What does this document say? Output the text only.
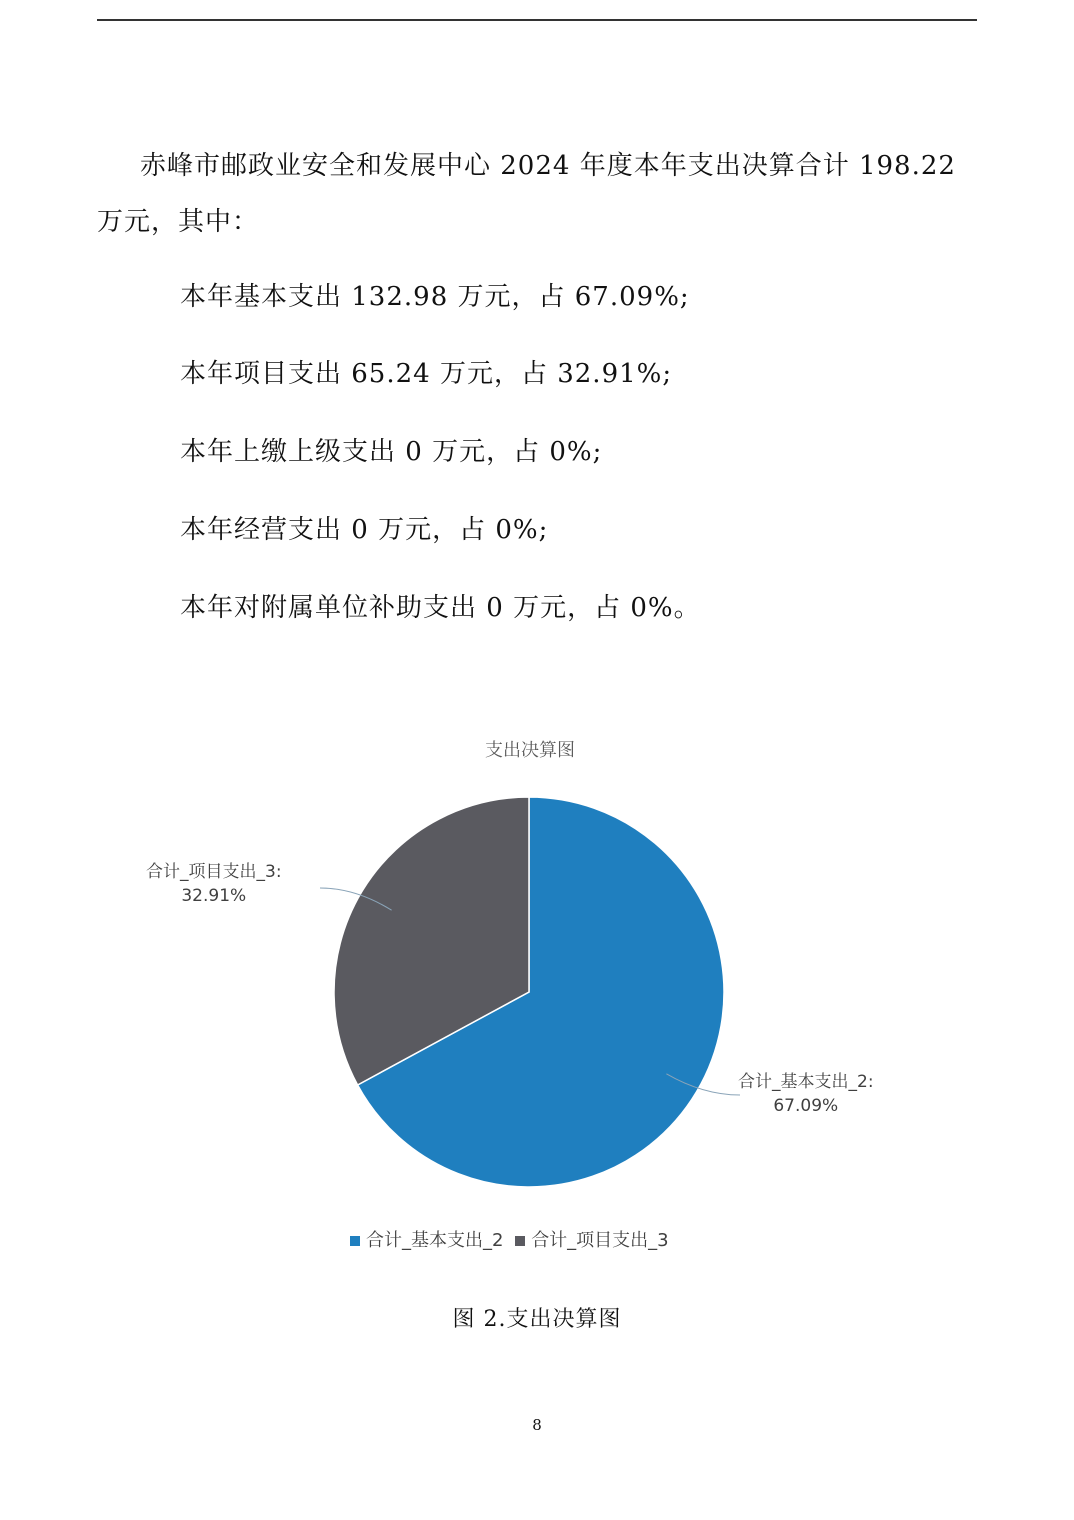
赤峰市邮政业安全和发展中心 2024 年度本年支出决算合计 198.22 万元，其中：

本年基本支出 132.98 万元，占 67.09%;

本年项目支出 65.24 万元，占 32.91%;

本年上缴上级支出 0 万元，占 0%;

本年经营支出 0 万元，占 0%;

本年对附属单位补助支出 0 万元，占 0%。

支出决算图
合计_基本支出_2:
67.09%
合计_项目支出_3:
32.91%
合计_基本支出_2 合计_项目支出_3

图 2.支出决算图

8
